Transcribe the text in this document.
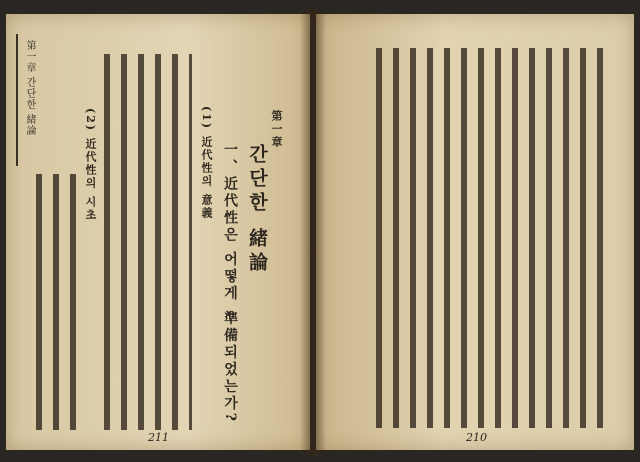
第一章 간단한 緒論	第一章
간단한 緒論
一、近代性은 어떻게 準備되었는가?
(1) 近代性의 意義
(2) 近代性의 시초
211	210
